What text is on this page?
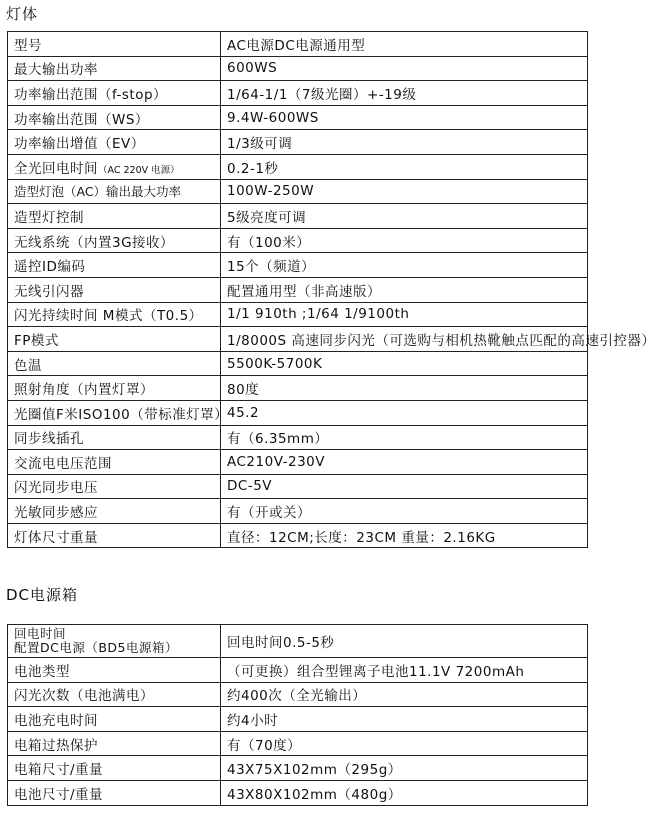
灯体
型号	AC电源DC电源通用型
最大输出功率	600WS
功率输出范围（f-stop）	1/64-1/1（7级光圈）+-19级
功率输出范围（WS）	9.4W-600WS
功率输出增值（EV）	1/3级可调
全光回电时间（AC 220V 电源）	0.2-1秒
造型灯泡（AC）输出最大功率	100W-250W
造型灯控制	5级亮度可调
无线系统（内置3G接收）	有（100米）
遥控ID编码	15个（频道）
无线引闪器	配置通用型（非高速版）
闪光持续时间 M模式（T0.5）	1/1 910th ;1/64 1/9100th
FP模式	1/8000S 高速同步闪光（可选购与相机热靴触点匹配的高速引控器）
色温	5500K-5700K
照射角度（内置灯罩）	80度
光圈值F米ISO100（带标准灯罩）	45.2
同步线插孔	有（6.35mm）
交流电电压范围	AC210V-230V
闪光同步电压	DC-5V
光敏同步感应	有（开或关）
灯体尺寸重量	直径：12CM;长度：23CM 重量：2.16KG
DC电源箱
回电时间
配置DC电源（BD5电源箱）	回电时间0.5-5秒
电池类型	（可更换）组合型锂离子电池11.1V 7200mAh
闪光次数（电池满电）	约400次（全光输出）
电池充电时间	约4小时
电箱过热保护	有（70度）
电箱尺寸/重量	43X75X102mm（295g）
电池尺寸/重量	43X80X102mm（480g）
